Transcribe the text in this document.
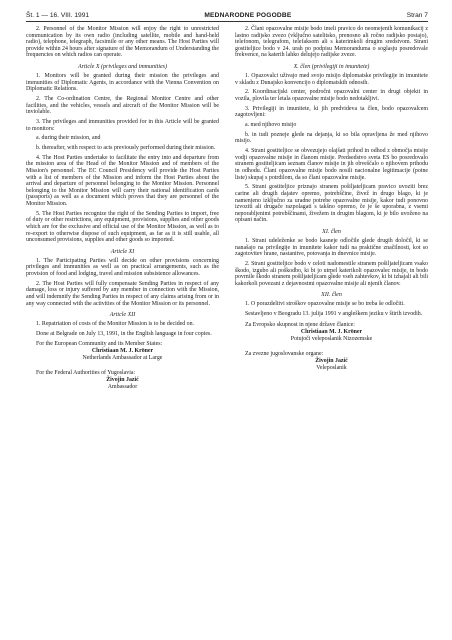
Št. 1 — 16. VIII. 1991	MEDNARODNE POGODBE	Stran 7

2. Personnel of the Monitor Mission will enjoy the right to unrestricted communication by its own radio (including satellite, mobile and hand-held radio), telephone, telegraph, facsimile or any other means. The Host Parties will provide within 24 hours after signature of the Memorandum of Understanding the frequencies on which radios can operate.

Article X (privileges and immunities)

1. Monitors will be granted during their mission the privileges and immunities of Diplomatic Agents, in accordance with the Vienna Convention on Diplomatic Relations.

2. The Co-ordination Centre, the Regional Monitor Centre and other facilities, and the vehicles, vessels and aircraft of the Monitor Mission will be inviolable.

3. The privileges and immunities provided for in this Article will be granted to monitors:

a. during their mission, and

b. thereafter, with respect to acts previously performed during their mission.

4. The Host Parties undertake to facilitate the entry into and departure from the mission area of the Head of the Monitor Mission and of members of the Mission's personnel. The EC Council Presidency will provide the Host Parties with a list of members of the Mission and inform the Host Parties about the arrival and departure of personnel belonging to the Monitor Mission. Personnel belonging to the Monitor Mission will carry their national identification cards (passports) as well as a document which proves that they are personnel of the Monitor Mission.

5. The Host Parties recognize the right of the Sending Parties to import, free of duty or other restrictions, any equipment, provisions, supplies and other goods which are for the exclusive and official use of the Monitor Mission, as well as to re-export to otherwise dispose of such equipment, as far as it is still usable, all unconsumed provisions, supplies and other goods so imported.

Article XI

1. The Participating Parties will decide on other provisions concerning privileges and immunities as well as on practical arrangements, such as the provision of food and lodging, travel and mission subsistence allowances.

2. The Host Parties will fully compensate Sending Parties in respect of any damage, loss or injury suffered by any member in connection with the Mission, and will indemnify the Sending Parties in respect of any claims arising from or in any way connected with the activities of the Monitor Mission or its personnel.

Article XII

1. Repatriation of costs of the Monitor Mission is to be decided on.

Done at Belgrade on July 13, 1991, in the English language in four copies.

For the European Community and its Member States:
Christiaan M. J. Kröner
Netherlands Ambassador at Large
For the Federal Authorities of Yugoslavia:
Živojin Jazić
Ambassador

2. Člani opazovalne misije bodo imeli pravico do neomejenih komunikacij z lastno radijsko zvezo (vključno satelitsko, prenosno ali ročno radijsko postajo), telefonom, telegrafom, telefaksom ali s katerimkoli drugim sredstvom. Strani gostiteljice bodo v 24. urah po podpisu Memoranduma o soglasju posredovale frekvence, na katerih lahko delujejo radijske zveze.

X. člen (privilegiji in imunitete)

1. Opazovalci uživajo med svojo misijo diplomatske privilegije in imunitete v skladu z Dunajsko konvencijo o diplomatskih odnosih.

2. Koordinacijski center, področni opazovalni center in drugi objekti in vozila, plovila ter letala opazovalne misije bodo nedotakljivi.

3. Privilegiji in imunitete, ki jih predvideva ta člen, bodo opazovalcem zagotovljeni:

a. med njihovo misijo

b. in tudi pozneje glede na dejanja, ki so bila opravljena že med njihovo misijo.

4. Strani gostiteljice se obvezujejo olajšati prihod in odhod z območja misije vodji opazovalne misije in članom misije. Predsedstvo sveta ES bo posredovalo stranem gostiteljicam seznam članov misije in jih obveščalo o njihovem prihodu in odhodu. Člani opazovalne misije bodo nosili nacionalne legitimacije (potne liste) skupaj s potrdilom, da so člani opazovalne misije.

5. Strani gostiteljice priznajo stranem pošiljateljicam pravico uvoziti brez carine ali drugih dajatev opremo, potrebščine, živež in drugo blago, ki je namenjeno izključno za uradne potrebe opazovalne misije, kakor tudi ponovno izvoziti ali drugače razpolagati s takšno opremo, če je še uporabna, z vsemi neporabljenimi potrebščinami, živežem in drugim blagom, ki je bilo uvoženo na opisani način.

XI. člen

1. Strani udeleženke se bodo kasneje odločile glede drugih določil, ki se nanašajo na privilegije in imunitete kakor tudi na praktične značilnosti, kot so zagotovitev hrane, nastanitve, potovanja in dnevnice misije.

2. Strani gostiteljice bodo v celoti nadomestile stranem pošiljateljicam vsako škodo, izgubo ali poškodbo, ki bi jo utrpel katerikoli opazovalec misije, in bodo povrnile škodo stranem pošiljateljicam glede vseh zahtevkov, ki bi izhajali ali bili kakorkoli povezani z dejavnostmi opazovalne misije ali njenih članov.

XII. člen

1. O porazdelitvi stroškov opazovalne misije se bo treba še odločiti.

Sestavljeno v Beogradu 13. julija 1991 v angleškem jeziku v štirih izvodih.

Za Evropsko skupnost in njene države članice:
Christiaan M. J. Kröner
Potujoči veleposlanik Nizozemske
Za zvezne jugoslovanske organe:
Živojin Jazić
Veleposlanik
